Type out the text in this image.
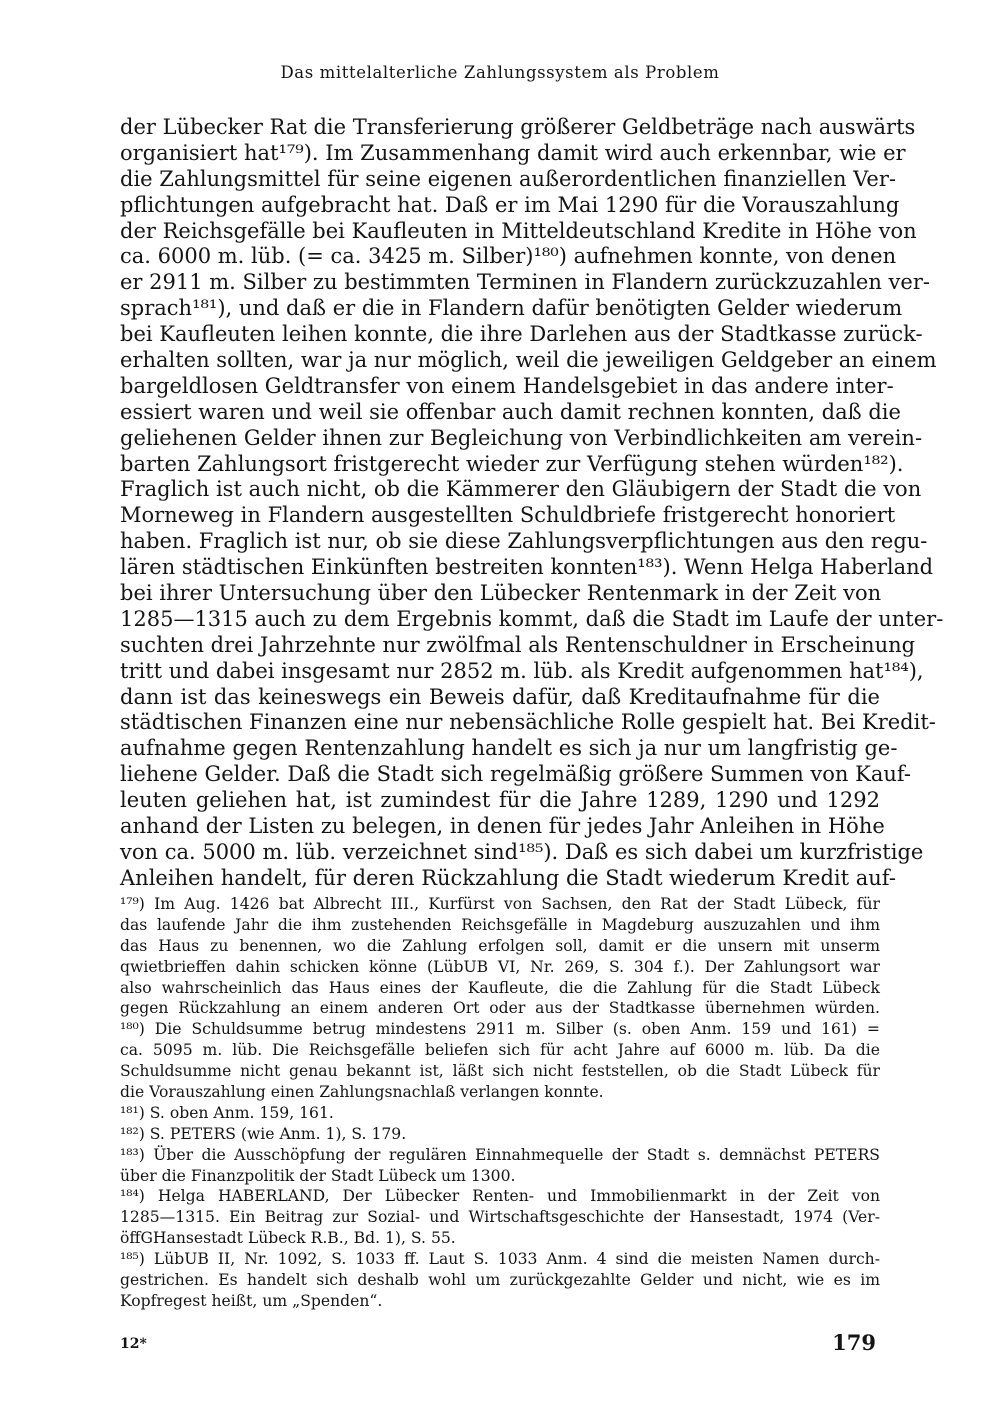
Das mittelalterliche Zahlungssystem als Problem
der Lübecker Rat die Transferierung größerer Geldbeträge nach auswärts
organisiert hat¹⁷⁹). Im Zusammenhang damit wird auch erkennbar, wie er
die Zahlungsmittel für seine eigenen außerordentlichen finanziellen Ver-
pflichtungen aufgebracht hat. Daß er im Mai 1290 für die Vorauszahlung
der Reichsgefälle bei Kaufleuten in Mitteldeutschland Kredite in Höhe von
ca. 6000 m. lüb. (= ca. 3425 m. Silber)¹⁸⁰) aufnehmen konnte, von denen
er 2911 m. Silber zu bestimmten Terminen in Flandern zurückzuzahlen ver-
sprach¹⁸¹), und daß er die in Flandern dafür benötigten Gelder wiederum
bei Kaufleuten leihen konnte, die ihre Darlehen aus der Stadtkasse zurück-
erhalten sollten, war ja nur möglich, weil die jeweiligen Geldgeber an einem
bargeldlosen Geldtransfer von einem Handelsgebiet in das andere inter-
essiert waren und weil sie offenbar auch damit rechnen konnten, daß die
geliehenen Gelder ihnen zur Begleichung von Verbindlichkeiten am verein-
barten Zahlungsort fristgerecht wieder zur Verfügung stehen würden¹⁸²).
Fraglich ist auch nicht, ob die Kämmerer den Gläubigern der Stadt die von
Morneweg in Flandern ausgestellten Schuldbriefe fristgerecht honoriert
haben. Fraglich ist nur, ob sie diese Zahlungsverpflichtungen aus den regu-
lären städtischen Einkünften bestreiten konnten¹⁸³). Wenn Helga Haberland
bei ihrer Untersuchung über den Lübecker Rentenmark in der Zeit von
1285—1315 auch zu dem Ergebnis kommt, daß die Stadt im Laufe der unter-
suchten drei Jahrzehnte nur zwölfmal als Rentenschuldner in Erscheinung
tritt und dabei insgesamt nur 2852 m. lüb. als Kredit aufgenommen hat¹⁸⁴),
dann ist das keineswegs ein Beweis dafür, daß Kreditaufnahme für die
städtischen Finanzen eine nur nebensächliche Rolle gespielt hat. Bei Kredit-
aufnahme gegen Rentenzahlung handelt es sich ja nur um langfristig ge-
liehene Gelder. Daß die Stadt sich regelmäßig größere Summen von Kauf-
leuten geliehen hat, ist zumindest für die Jahre 1289, 1290 und 1292
anhand der Listen zu belegen, in denen für jedes Jahr Anleihen in Höhe
von ca. 5000 m. lüb. verzeichnet sind¹⁸⁵). Daß es sich dabei um kurzfristige
Anleihen handelt, für deren Rückzahlung die Stadt wiederum Kredit auf-
¹⁷⁹) Im Aug. 1426 bat Albrecht III., Kurfürst von Sachsen, den Rat der Stadt Lübeck, für
das laufende Jahr die ihm zustehenden Reichsgefälle in Magdeburg auszuzahlen und ihm
das Haus zu benennen, wo die Zahlung erfolgen soll, damit er die unsern mit unserm
qwietbrieffen dahin schicken könne (LübUB VI, Nr. 269, S. 304 f.). Der Zahlungsort war
also wahrscheinlich das Haus eines der Kaufleute, die die Zahlung für die Stadt Lübeck
gegen Rückzahlung an einem anderen Ort oder aus der Stadtkasse übernehmen würden.
¹⁸⁰) Die Schuldsumme betrug mindestens 2911 m. Silber (s. oben Anm. 159 und 161) =
ca. 5095 m. lüb. Die Reichsgefälle beliefen sich für acht Jahre auf 6000 m. lüb. Da die
Schuldsumme nicht genau bekannt ist, läßt sich nicht feststellen, ob die Stadt Lübeck für
die Vorauszahlung einen Zahlungsnachlaß verlangen konnte.
¹⁸¹) S. oben Anm. 159, 161.
¹⁸²) S. PETERS (wie Anm. 1), S. 179.
¹⁸³) Über die Ausschöpfung der regulären Einnahmequelle der Stadt s. demnächst PETERS
über die Finanzpolitik der Stadt Lübeck um 1300.
¹⁸⁴) Helga HABERLAND, Der Lübecker Renten- und Immobilienmarkt in der Zeit von
1285—1315. Ein Beitrag zur Sozial- und Wirtschaftsgeschichte der Hansestadt, 1974 (Ver-
öffGHansestadt Lübeck R.B., Bd. 1), S. 55.
¹⁸⁵) LübUB II, Nr. 1092, S. 1033 ff. Laut S. 1033 Anm. 4 sind die meisten Namen durch-
gestrichen. Es handelt sich deshalb wohl um zurückgezahlte Gelder und nicht, wie es im
Kopfregest heißt, um „Spenden“.
12*	179
